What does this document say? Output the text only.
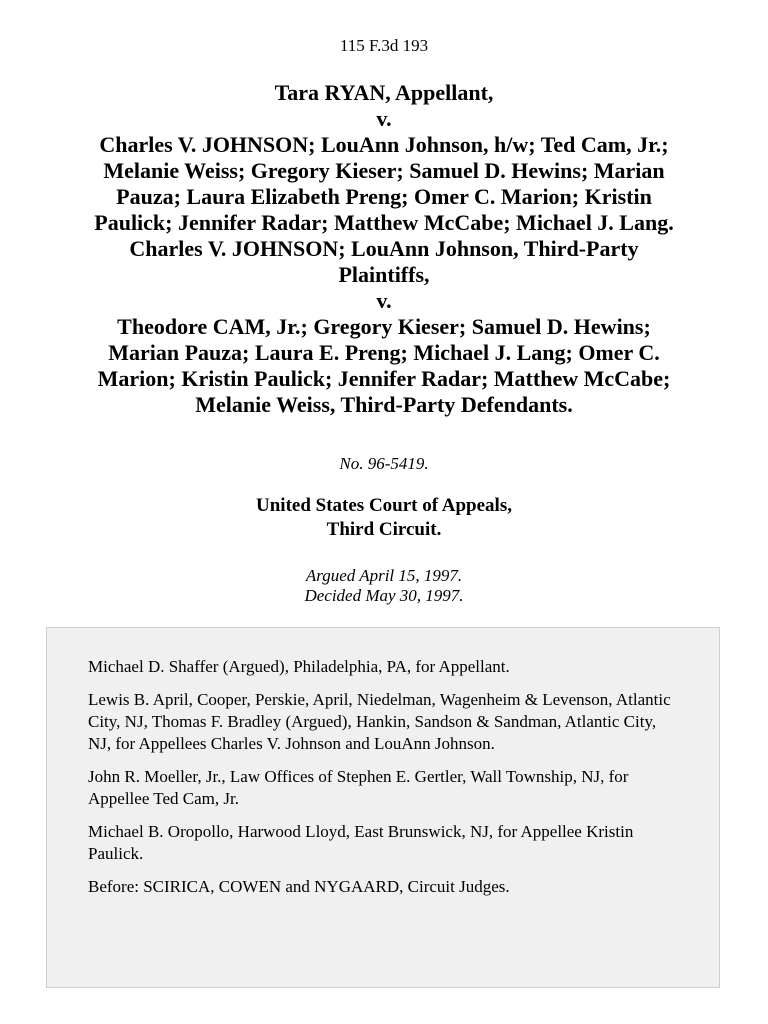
115 F.3d 193
Tara RYAN, Appellant,
v.
Charles V. JOHNSON; LouAnn Johnson, h/w; Ted Cam, Jr.;
Melanie Weiss; Gregory Kieser; Samuel D. Hewins; Marian
Pauza; Laura Elizabeth Preng; Omer C. Marion; Kristin
Paulick; Jennifer Radar; Matthew McCabe; Michael J. Lang.
Charles V. JOHNSON; LouAnn Johnson, Third-Party
Plaintiffs,
v.
Theodore CAM, Jr.; Gregory Kieser; Samuel D. Hewins;
Marian Pauza; Laura E. Preng; Michael J. Lang; Omer C.
Marion; Kristin Paulick; Jennifer Radar; Matthew McCabe;
Melanie Weiss, Third-Party Defendants.
No. 96-5419.
United States Court of Appeals,
Third Circuit.
Argued April 15, 1997.
Decided May 30, 1997.

Michael D. Shaffer (Argued), Philadelphia, PA, for Appellant.

Lewis B. April, Cooper, Perskie, April, Niedelman, Wagenheim & Levenson, Atlantic City, NJ, Thomas F. Bradley (Argued), Hankin, Sandson & Sandman, Atlantic City, NJ, for Appellees Charles V. Johnson and LouAnn Johnson.

John R. Moeller, Jr., Law Offices of Stephen E. Gertler, Wall Township, NJ, for Appellee Ted Cam, Jr.

Michael B. Oropollo, Harwood Lloyd, East Brunswick, NJ, for Appellee Kristin Paulick.

Before: SCIRICA, COWEN and NYGAARD, Circuit Judges.
